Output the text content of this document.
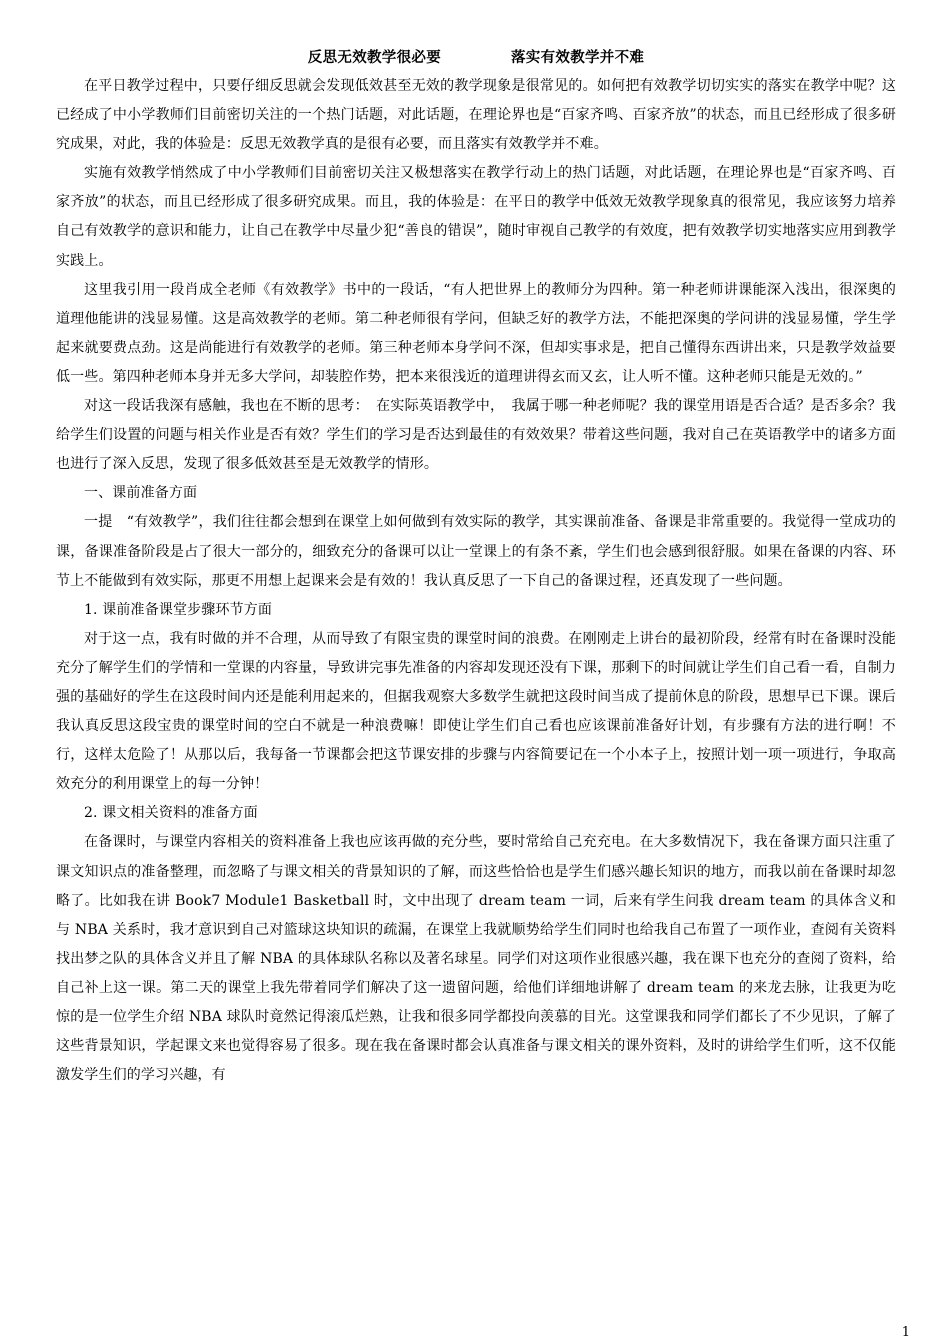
反思无效教学很必要	落实有效教学并不难

在平日教学过程中，只要仔细反思就会发现低效甚至无效的教学现象是很常见的。如何把有效教学切切实实的落实在教学中呢？这已经成了中小学教师们目前密切关注的一个热门话题，对此话题，在理论界也是“百家齐鸣、百家齐放”的状态，而且已经形成了很多研究成果，对此，我的体验是：反思无效教学真的是很有必要，而且落实有效教学并不难。

实施有效教学悄然成了中小学教师们目前密切关注又极想落实在教学行动上的热门话题，对此话题，在理论界也是“百家齐鸣、百家齐放”的状态，而且已经形成了很多研究成果。而且，我的体验是：在平日的教学中低效无效教学现象真的很常见，我应该努力培养自己有效教学的意识和能力，让自己在教学中尽量少犯“善良的错误”，随时审视自己教学的有效度，把有效教学切实地落实应用到教学实践上。

这里我引用一段肖成全老师《有效教学》书中的一段话，“有人把世界上的教师分为四种。第一种老师讲课能深入浅出，很深奥的道理他能讲的浅显易懂。这是高效教学的老师。第二种老师很有学问，但缺乏好的教学方法，不能把深奥的学问讲的浅显易懂，学生学起来就要费点劲。这是尚能进行有效教学的老师。第三种老师本身学问不深，但却实事求是，把自己懂得东西讲出来，只是教学效益要低一些。第四种老师本身并无多大学问，却装腔作势，把本来很浅近的道理讲得玄而又玄，让人听不懂。这种老师只能是无效的。”

对这一段话我深有感触，我也在不断的思考：　在实际英语教学中，　我属于哪一种老师呢？我的课堂用语是否合适？是否多余？我给学生们设置的问题与相关作业是否有效？学生们的学习是否达到最佳的有效效果？带着这些问题，我对自己在英语教学中的诸多方面也进行了深入反思，发现了很多低效甚至是无效教学的情形。

一、课前准备方面

一提　“有效教学”，我们往往都会想到在课堂上如何做到有效实际的教学，其实课前准备、备课是非常重要的。我觉得一堂成功的课，备课准备阶段是占了很大一部分的，细致充分的备课可以让一堂课上的有条不紊，学生们也会感到很舒服。如果在备课的内容、环节上不能做到有效实际，那更不用想上起课来会是有效的！我认真反思了一下自己的备课过程，还真发现了一些问题。

1. 课前准备课堂步骤环节方面

对于这一点，我有时做的并不合理，从而导致了有限宝贵的课堂时间的浪费。在刚刚走上讲台的最初阶段，经常有时在备课时没能充分了解学生们的学情和一堂课的内容量，导致讲完事先准备的内容却发现还没有下课，那剩下的时间就让学生们自己看一看，自制力强的基础好的学生在这段时间内还是能利用起来的，但据我观察大多数学生就把这段时间当成了提前休息的阶段，思想早已下课。课后我认真反思这段宝贵的课堂时间的空白不就是一种浪费嘛！即使让学生们自己看也应该课前准备好计划，有步骤有方法的进行啊！不行，这样太危险了！从那以后，我每备一节课都会把这节课安排的步骤与内容简要记在一个小本子上，按照计划一项一项进行，争取高效充分的利用课堂上的每一分钟！

2. 课文相关资料的准备方面

在备课时，与课堂内容相关的资料准备上我也应该再做的充分些，要时常给自己充充电。在大多数情况下，我在备课方面只注重了课文知识点的准备整理，而忽略了与课文相关的背景知识的了解，而这些恰恰也是学生们感兴趣长知识的地方，而我以前在备课时却忽略了。比如我在讲 Book7 Module1 Basketball 时，文中出现了 dream team 一词，后来有学生问我 dream team 的具体含义和与 NBA 关系时，我才意识到自己对篮球这块知识的疏漏，在课堂上我就顺势给学生们同时也给我自己布置了一项作业，查阅有关资料找出梦之队的具体含义并且了解 NBA 的具体球队名称以及著名球星。同学们对这项作业很感兴趣，我在课下也充分的查阅了资料，给自己补上这一课。第二天的课堂上我先带着同学们解决了这一遗留问题，给他们详细地讲解了 dream team 的来龙去脉，让我更为吃惊的是一位学生介绍 NBA 球队时竟然记得滚瓜烂熟，让我和很多同学都投向羡慕的目光。这堂课我和同学们都长了不少见识，了解了这些背景知识，学起课文来也觉得容易了很多。现在我在备课时都会认真准备与课文相关的课外资料，及时的讲给学生们听，这不仅能激发学生们的学习兴趣，有

1
